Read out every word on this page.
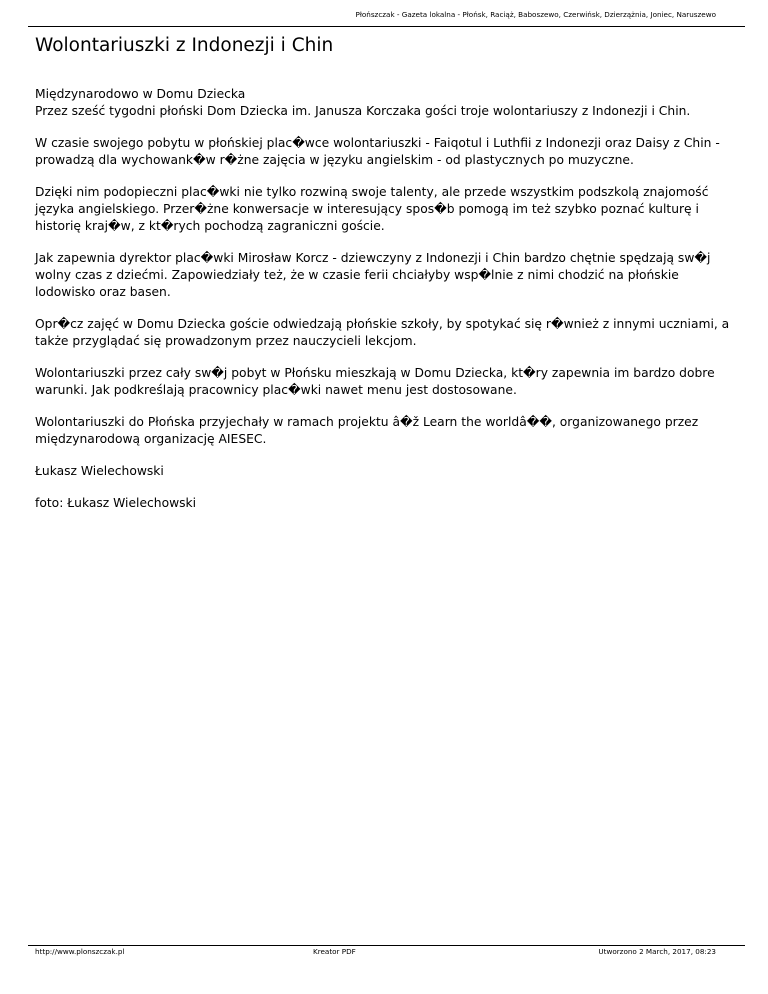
Płońszczak - Gazeta lokalna - Płońsk, Raciąż, Baboszewo, Czerwińsk, Dzierzążnia, Joniec, Naruszewo
Wolontariuszki z Indonezji i Chin

Międzynarodowo w Domu Dziecka
Przez sześć tygodni płoński Dom Dziecka im. Janusza Korczaka gości troje wolontariuszy z Indonezji i Chin.

W czasie swojego pobytu w płońskiej plac�wce wolontariuszki - Faiqotul i Luthfii z Indonezji oraz Daisy z Chin - prowadzą dla wychowank�w r�żne zajęcia w języku angielskim - od plastycznych po muzyczne.

Dzięki nim podopieczni plac�wki nie tylko rozwiną swoje talenty, ale przede wszystkim podszkolą znajomość języka angielskiego. Przer�żne konwersacje w interesujący spos�b pomogą im też szybko poznać kulturę i historię kraj�w, z kt�rych pochodzą zagraniczni goście.

Jak zapewnia dyrektor plac�wki Mirosław Korcz - dziewczyny z Indonezji i Chin bardzo chętnie spędzają sw�j wolny czas z dziećmi. Zapowiedziały też, że w czasie ferii chciałyby wsp�lnie z nimi chodzić na płońskie lodowisko oraz basen.

Opr�cz zajęć w Domu Dziecka goście odwiedzają płońskie szkoły, by spotykać się r�wnież z innymi uczniami, a także przyglądać się prowadzonym przez nauczycieli lekcjom.

Wolontariuszki przez cały sw�j pobyt w Płońsku mieszkają w Domu Dziecka, kt�ry zapewnia im bardzo dobre warunki. Jak podkreślają pracownicy plac�wki nawet menu jest dostosowane.

Wolontariuszki do Płońska przyjechały w ramach projektu â�ž Learn the worldâ��, organizowanego przez międzynarodową organizację AIESEC.

Łukasz Wielechowski

foto: Łukasz Wielechowski

http://www.plonszczak.pl	Kreator PDF	Utworzono 2 March, 2017, 08:23
